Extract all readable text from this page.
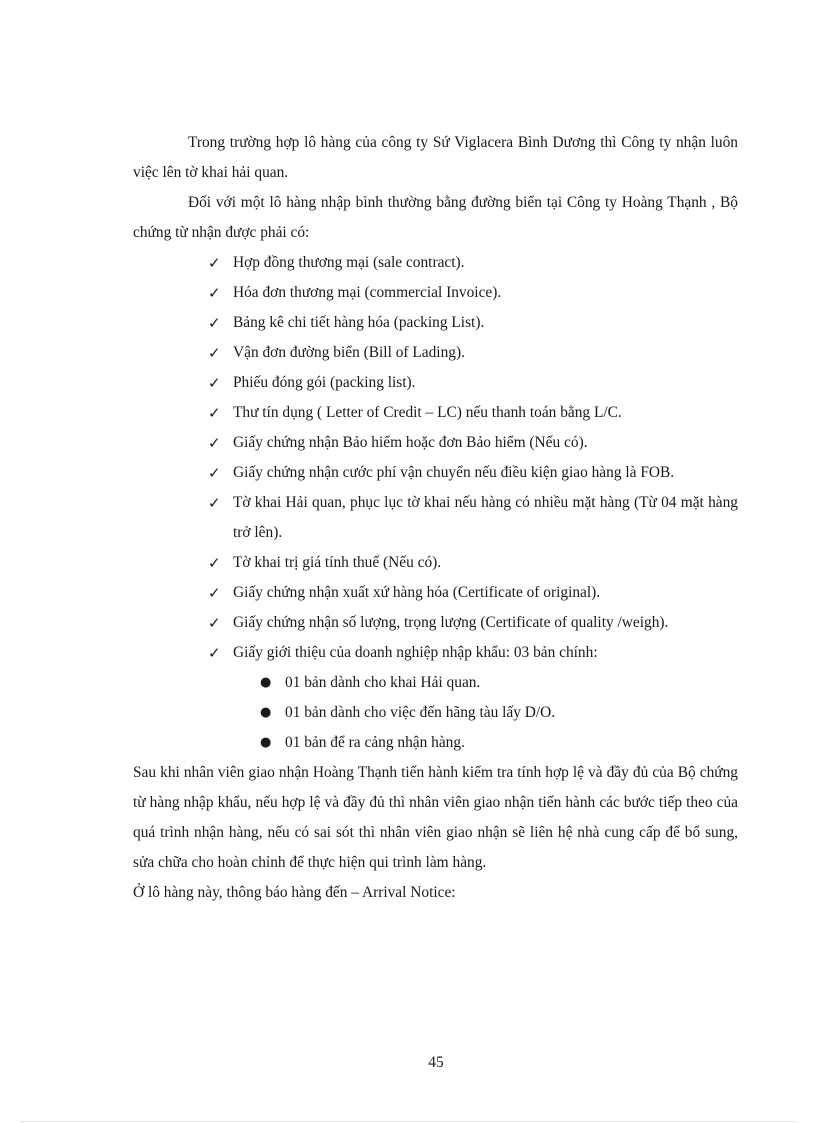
Trong trường hợp lô hàng của công ty Sứ Viglacera Bình Dương thì Công ty nhận luôn việc lên tờ khai hải quan.

Đối với một lô hàng nhập bình thường bằng đường biển tại Công ty Hoàng Thạnh , Bộ chứng từ nhận được phải có:

✓ Hợp đồng thương mại (sale contract).
✓ Hóa đơn thương mại (commercial Invoice).
✓ Bảng kê chi tiết hàng hóa (packing List).
✓ Vận đơn đường biển (Bill of Lading).
✓ Phiếu đóng gói (packing list).
✓ Thư tín dụng ( Letter of Credit – LC) nếu thanh toán bằng L/C.
✓ Giấy chứng nhận Bảo hiểm hoặc đơn Bảo hiểm (Nếu có).
✓ Giấy chứng nhận cước phí vận chuyển nếu điều kiện giao hàng là FOB.
✓ Tờ khai Hải quan, phục lục tờ khai nếu hàng có nhiều mặt hàng (Từ 04 mặt hàng trở lên).
✓ Tờ khai trị giá tính thuế (Nếu có).
✓ Giấy chứng nhận xuất xứ hàng hóa (Certificate of original).
✓ Giấy chứng nhận số lượng, trọng lượng (Certificate of quality /weigh).
✓ Giấy giới thiệu của doanh nghiệp nhập khẩu: 03 bản chính:
● 01 bản dành cho khai Hải quan.
● 01 bản dành cho việc đến hãng tàu lấy D/O.
● 01 bản để ra cảng nhận hàng.

Sau khi nhân viên giao nhận Hoàng Thạnh tiến hành kiểm tra tính hợp lệ và đầy đủ của Bộ chứng từ hàng nhập khẩu, nếu hợp lệ và đầy đủ thì nhân viên giao nhận tiến hành các bước tiếp theo của quá trình nhận hàng, nếu có sai sót thì nhân viên giao nhận sẽ liên hệ nhà cung cấp để bổ sung, sửa chữa cho hoàn chỉnh để thực hiện qui trình làm hàng.

Ở lô hàng này, thông báo hàng đến – Arrival Notice:

45
